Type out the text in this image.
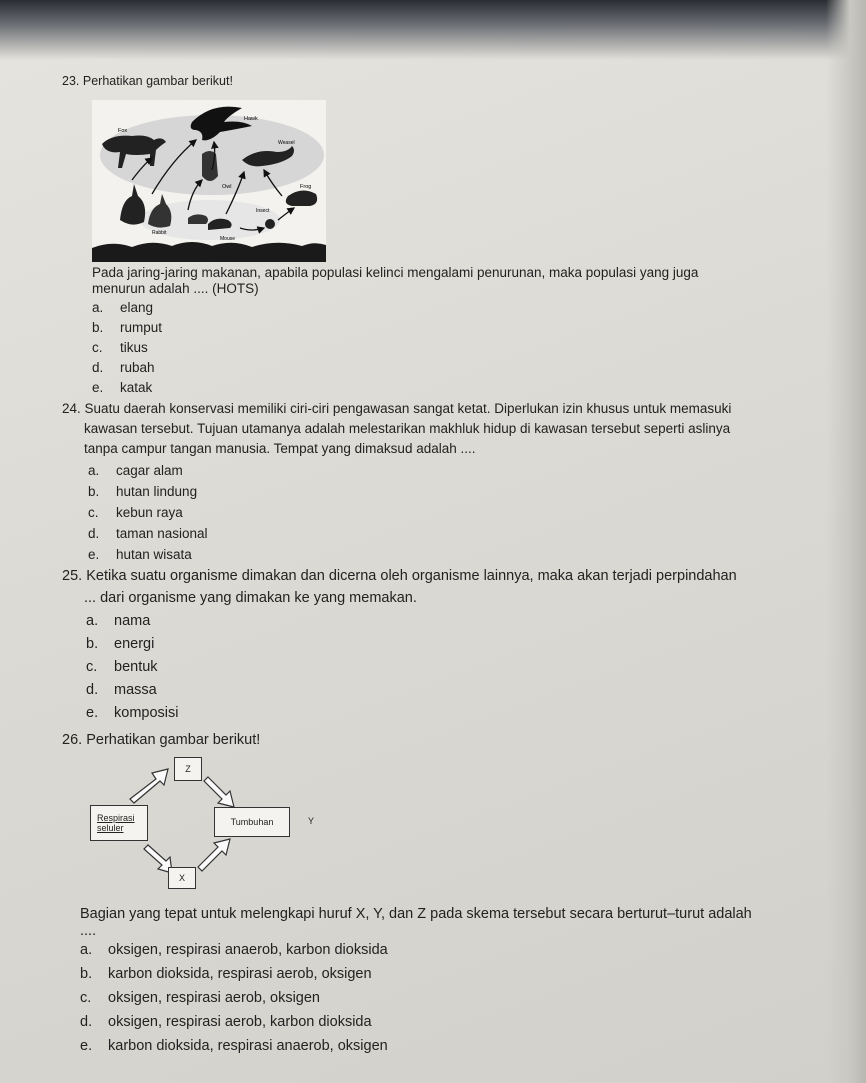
23. Perhatikan gambar berikut!
Hawk
Fox
Weasel
Owl	Frog
Insect
Rabbit
Mouse
Pada jaring-jaring makanan, apabila populasi kelinci mengalami penurunan, maka populasi yang juga
menurun adalah .... (HOTS)
a. elang
b. rumput
c. tikus
d. rubah
e. katak
24. Suatu daerah konservasi memiliki ciri-ciri pengawasan sangat ketat. Diperlukan izin khusus untuk memasuki
kawasan tersebut. Tujuan utamanya adalah melestarikan makhluk hidup di kawasan tersebut seperti aslinya
tanpa campur tangan manusia. Tempat yang dimaksud adalah ....
a. cagar alam
b. hutan lindung
c. kebun raya
d. taman nasional
e. hutan wisata
25. Ketika suatu organisme dimakan dan dicerna oleh organisme lainnya, maka akan terjadi perpindahan
... dari organisme yang dimakan ke yang memakan.
a. nama
b. energi
c. bentuk
d. massa
e. komposisi
26. Perhatikan gambar berikut!
Z
Respirasi
seluler
Tumbuhan	Y
X
Bagian yang tepat untuk melengkapi huruf X, Y, dan Z pada skema tersebut secara berturut–turut adalah
....
a. oksigen, respirasi anaerob, karbon dioksida
b. karbon dioksida, respirasi aerob, oksigen
c. oksigen, respirasi aerob, oksigen
d. oksigen, respirasi aerob, karbon dioksida
e. karbon dioksida, respirasi anaerob, oksigen
